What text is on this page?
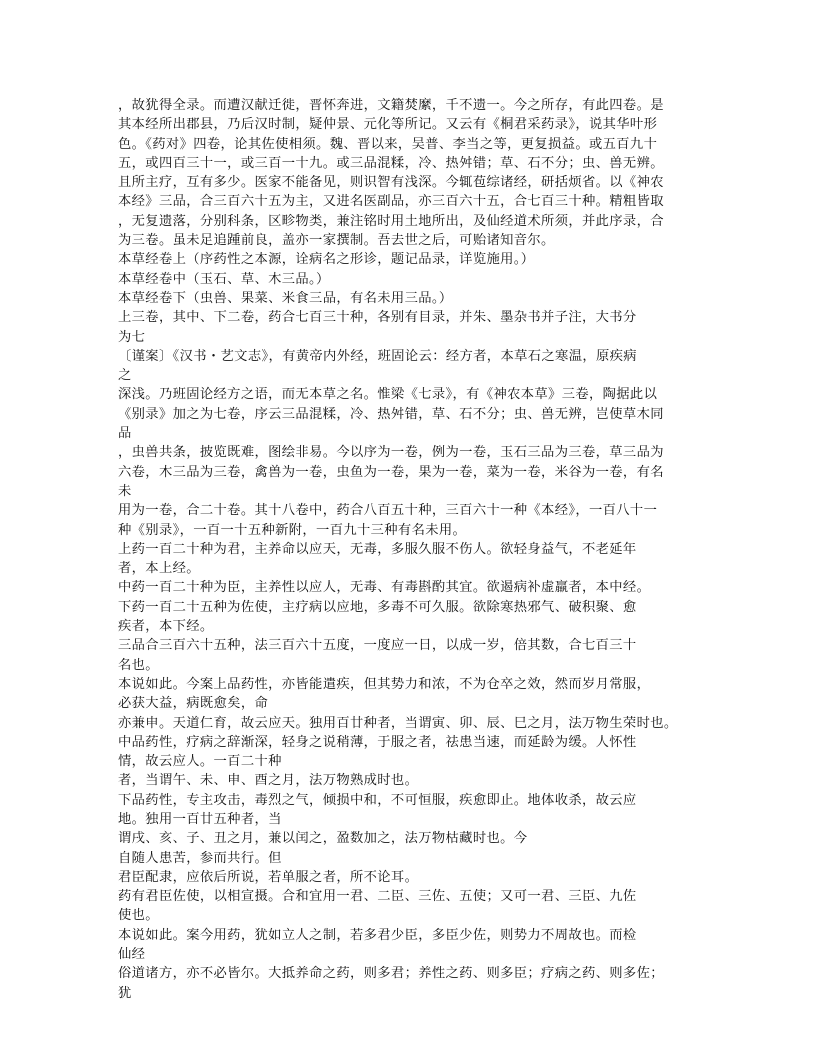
，故犹得全录。而遭汉献迁徙，晋怀奔进，文籍焚縻，千不遗一。今之所存，有此四卷。是
其本经所出郡县，乃后汉时制，疑仲景、元化等所记。又云有《桐君采药录》，说其华叶形
色。《药对》四卷，论其佐使相须。魏、晋以来，吴普、李当之等，更复损益。或五百九十
五，或四百三十一，或三百一十九。或三品混糅，冷、热舛错；草、石不分；虫、兽无辨。
且所主疗，互有多少。医家不能备见，则识智有浅深。今辄苞综诸经，研括烦省。以《神农
本经》三品，合三百六十五为主，又进名医副品，亦三百六十五，合七百三十种。精粗皆取
，无复遗落，分别科条，区畛物类，兼注铭时用土地所出，及仙经道术所须，并此序录，合
为三卷。虽未足追踵前良，盖亦一家撰制。吾去世之后，可贻诸知音尔。
本草经卷上（序药性之本源，诠病名之形诊，题记品录，详览施用。）
本草经卷中（玉石、草、木三品。）
本草经卷下（虫兽、果菜、米食三品，有名未用三品。）
上三卷，其中、下二卷，药合七百三十种，各别有目录，并朱、墨杂书并子注，大书分
为七
〔谨案〕《汉书・艺文志》，有黄帝内外经，班固论云：经方者，本草石之寒温，原疾病
之
深浅。乃班固论经方之语，而无本草之名。惟梁《七录》，有《神农本草》三卷，陶据此以
《别录》加之为七卷，序云三品混糅，冷、热舛错，草、石不分；虫、兽无辨，岂使草木同
品
，虫兽共条，披览既难，图绘非易。今以序为一卷，例为一卷，玉石三品为三卷，草三品为
六卷，木三品为三卷，禽兽为一卷，虫鱼为一卷，果为一卷，菜为一卷，米谷为一卷，有名
未
用为一卷，合二十卷。其十八卷中，药合八百五十种，三百六十一种《本经》，一百八十一
种《别录》，一百一十五种新附，一百九十三种有名未用。
上药一百二十种为君，主养命以应天，无毒，多服久服不伤人。欲轻身益气，不老延年
者，本上经。
中药一百二十种为臣，主养性以应人，无毒、有毒斟酌其宜。欲遏病补虚羸者，本中经。
下药一百二十五种为佐使，主疗病以应地，多毒不可久服。欲除寒热邪气、破积聚、愈
疾者，本下经。
三品合三百六十五种，法三百六十五度，一度应一日，以成一岁，倍其数，合七百三十
名也。
本说如此。今案上品药性，亦皆能遣疾，但其势力和浓，不为仓卒之效，然而岁月常服，
必获大益，病既愈矣，命
亦兼申。天道仁育，故云应天。独用百廿种者，当谓寅、卯、辰、巳之月，法万物生荣时也。
中品药性，疗病之辞渐深，轻身之说稍薄，于服之者，祛患当速，而延龄为缓。人怀性
情，故云应人。一百二十种
者，当谓午、未、申、酉之月，法万物熟成时也。
下品药性，专主攻击，毒烈之气，倾损中和，不可恒服，疾愈即止。地体收杀，故云应
地。独用一百廿五种者，当
谓戌、亥、子、丑之月，兼以闰之，盈数加之，法万物枯藏时也。今
自随人患苦，参而共行。但
君臣配隶，应依后所说，若单服之者，所不论耳。
药有君臣佐使，以相宣摄。合和宜用一君、二臣、三佐、五使；又可一君、三臣、九佐
使也。
本说如此。案今用药，犹如立人之制，若多君少臣，多臣少佐，则势力不周故也。而检
仙经
俗道诸方，亦不必皆尔。大抵养命之药，则多君；养性之药、则多臣；疗病之药、则多佐；
犹
